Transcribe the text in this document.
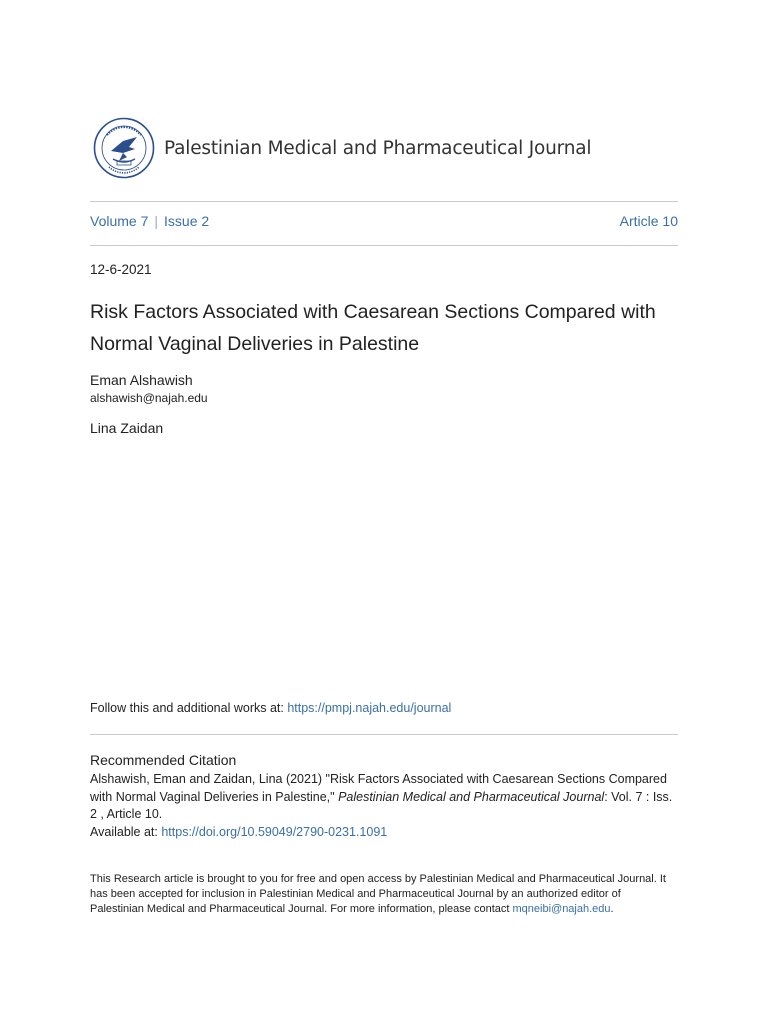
Palestinian Medical and Pharmaceutical Journal
Volume 7 | Issue 2	Article 10
12-6-2021
Risk Factors Associated with Caesarean Sections Compared with
Normal Vaginal Deliveries in Palestine
Eman Alshawish
alshawish@najah.edu
Lina Zaidan
Follow this and additional works at: https://pmpj.najah.edu/journal
Recommended Citation
Alshawish, Eman and Zaidan, Lina (2021) "Risk Factors Associated with Caesarean Sections Compared with Normal Vaginal Deliveries in Palestine," Palestinian Medical and Pharmaceutical Journal: Vol. 7 : Iss. 2 , Article 10.
Available at: https://doi.org/10.59049/2790-0231.1091
This Research article is brought to you for free and open access by Palestinian Medical and Pharmaceutical Journal. It has been accepted for inclusion in Palestinian Medical and Pharmaceutical Journal by an authorized editor of Palestinian Medical and Pharmaceutical Journal. For more information, please contact mqneibi@najah.edu.
